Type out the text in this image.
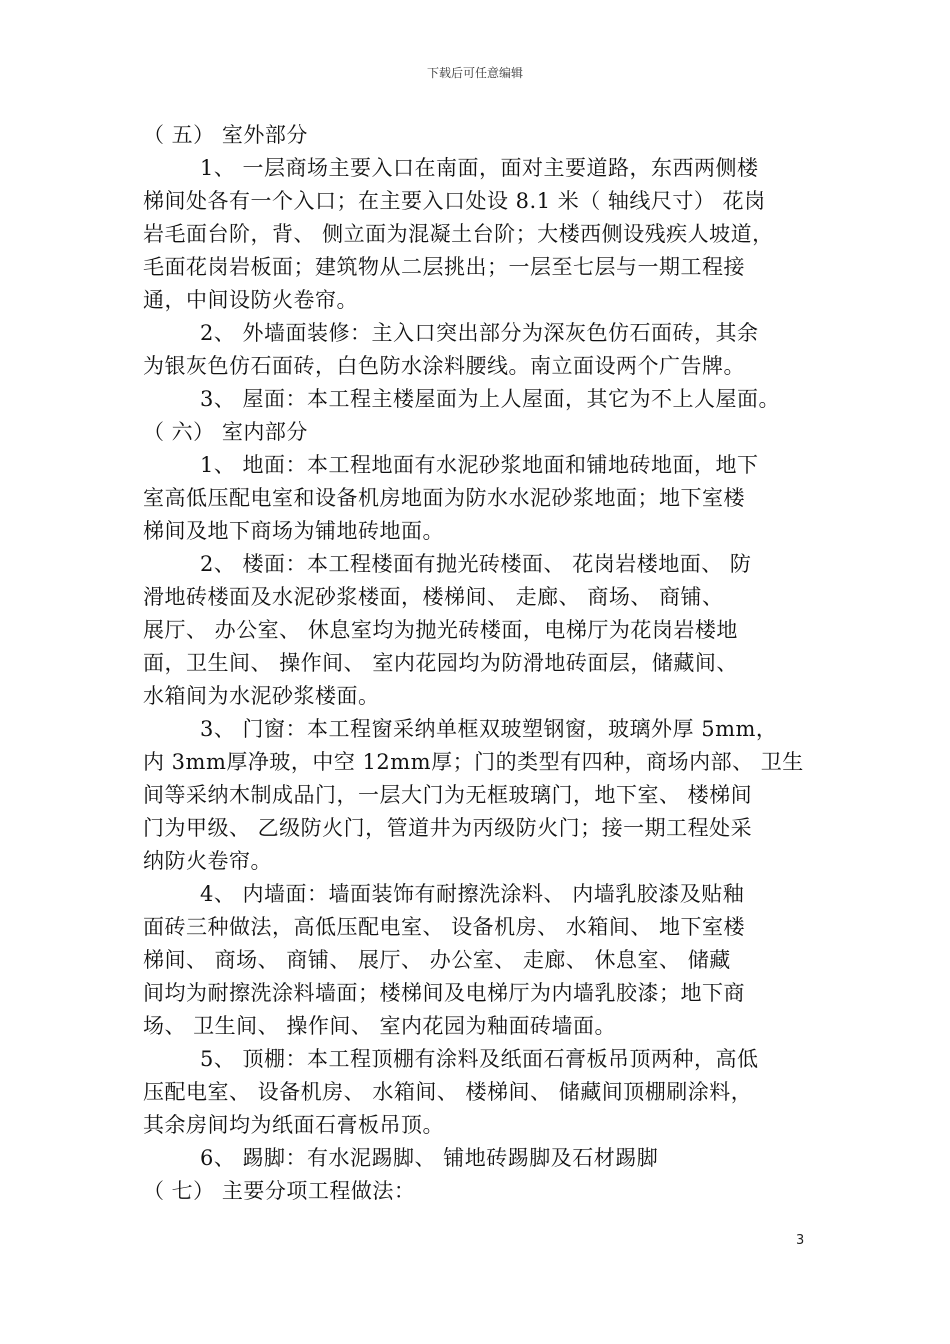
下载后可任意编辑
（ 五） 室外部分
1、 一层商场主要入口在南面，面对主要道路，东西两侧楼
梯间处各有一个入口；在主要入口处设 8.1 米（ 轴线尺寸） 花岗
岩毛面台阶，背、 侧立面为混凝土台阶；大楼西侧设残疾人坡道，
毛面花岗岩板面；建筑物从二层挑出；一层至七层与一期工程接
通，中间设防火卷帘。
2、 外墙面装修：主入口突出部分为深灰色仿石面砖，其余
为银灰色仿石面砖，白色防水涂料腰线。南立面设两个广告牌。
3、 屋面：本工程主楼屋面为上人屋面，其它为不上人屋面。
（ 六） 室内部分
1、 地面：本工程地面有水泥砂浆地面和铺地砖地面，地下
室高低压配电室和设备机房地面为防水水泥砂浆地面；地下室楼
梯间及地下商场为铺地砖地面。
2、 楼面：本工程楼面有抛光砖楼面、 花岗岩楼地面、 防
滑地砖楼面及水泥砂浆楼面，楼梯间、 走廊、 商场、 商铺、
展厅、 办公室、 休息室均为抛光砖楼面，电梯厅为花岗岩楼地
面，卫生间、 操作间、 室内花园均为防滑地砖面层，储藏间、
水箱间为水泥砂浆楼面。
3、 门窗：本工程窗采纳单框双玻塑钢窗，玻璃外厚 5mm，
内 3mm厚净玻，中空 12mm厚；门的类型有四种，商场内部、 卫生
间等采纳木制成品门，一层大门为无框玻璃门，地下室、 楼梯间
门为甲级、 乙级防火门，管道井为丙级防火门；接一期工程处采
纳防火卷帘。
4、 内墙面：墙面装饰有耐擦洗涂料、 内墙乳胶漆及贴釉
面砖三种做法，高低压配电室、 设备机房、 水箱间、 地下室楼
梯间、 商场、 商铺、 展厅、 办公室、 走廊、 休息室、 储藏
间均为耐擦洗涂料墙面；楼梯间及电梯厅为内墙乳胶漆；地下商
场、 卫生间、 操作间、 室内花园为釉面砖墙面。
5、 顶棚：本工程顶棚有涂料及纸面石膏板吊顶两种，高低
压配电室、 设备机房、 水箱间、 楼梯间、 储藏间顶棚刷涂料，
其余房间均为纸面石膏板吊顶。
6、 踢脚：有水泥踢脚、 铺地砖踢脚及石材踢脚
（ 七） 主要分项工程做法：
3
